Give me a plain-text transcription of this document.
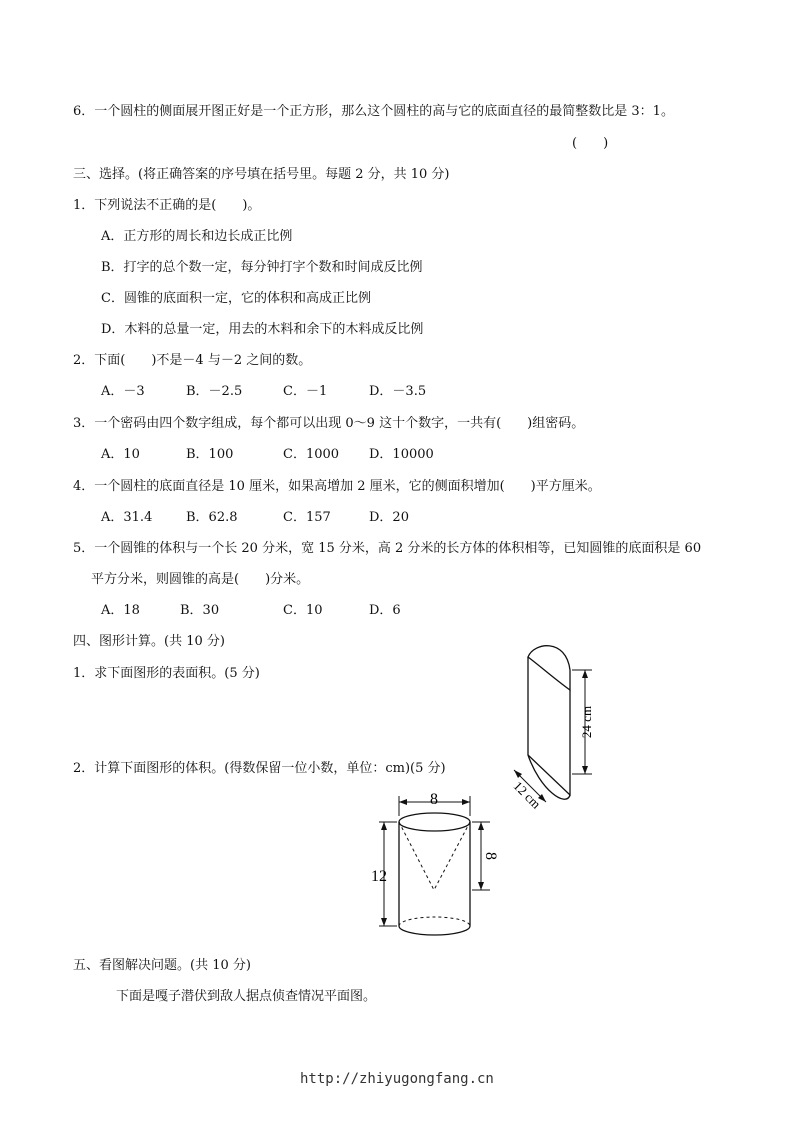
6．一个圆柱的侧面展开图正好是一个正方形，那么这个圆柱的高与它的底面直径的最简整数比是 3：1。
(　　)
三、选择。(将正确答案的序号填在括号里。每题 2 分，共 10 分)
1．下列说法不正确的是(　　)。
A．正方形的周长和边长成正比例
B．打字的总个数一定，每分钟打字个数和时间成反比例
C．圆锥的底面积一定，它的体积和高成正比例
D．木料的总量一定，用去的木料和余下的木料成反比例
2．下面(　　)不是－4 与－2 之间的数。
A．－3	B．－2.5	C．－1	D．－3.5
3．一个密码由四个数字组成，每个都可以出现 0～9 这十个数字，一共有(　　)组密码。
A．10	B．100	C．1000 D．10000
4．一个圆柱的底面直径是 10 厘米，如果高增加 2 厘米，它的侧面积增加(　　)平方厘米。
A．31.4	B．62.8	C．157	D．20
5．一个圆锥的体积与一个长 20 分米，宽 15 分米，高 2 分米的长方体的体积相等，已知圆锥的底面积是 60
平方分米，则圆锥的高是(　　)分米。
A．18	B．30	C．10	D．6
四、图形计算。(共 10 分)
1．求下面图形的表面积。(5 分)
2．计算下面图形的体积。(得数保留一位小数，单位：cm)(5 分)
24 cm
12 cm
8
12
8
五、看图解决问题。(共 10 分)
下面是嘎子潜伏到敌人据点侦查情况平面图。
http://zhiyugongfang.cn
